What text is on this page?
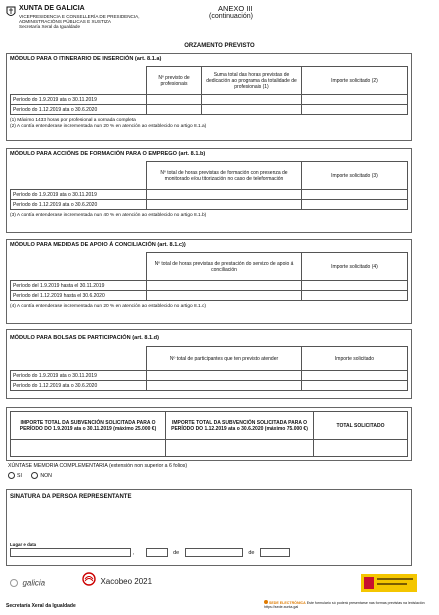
XUNTA DE GALICIA
VICEPRESIDENCIA E CONSELLERÍA DE PRESIDENCIA,
ADMINISTRACIÓNS PÚBLICAS E XUSTIZA
Secretaría Xeral da Igualdade
ANEXO III
(continuación)
ORZAMENTO PREVISTO
MÓDULO PARA O ITINERARIO DE INSERCIÓN (art. 8.1.a)
	Nº previsto de profesionais	Suma total das horas previstas de dedicación ao programa da totalidade de profesionais (1)	Importe solicitado (2)
Período do 1.9.2019 ata o 30.11.2019			
Período do 1.12.2019 ata o 30.6.2020			
(1) Máximo 1433 horas por profesional a xornada completa
(2) A contía entenderase incrementada nun 20 % en atención ao establecido no artigo 8.1.a)
MÓDULO PARA ACCIÓNS DE FORMACIÓN PARA O EMPREGO (art. 8.1.b)
	Nº total de horas previstas de formación con presenza de monitorado e/ou titorización no caso de teleformación	Importe solicitado (3)
Período do 1.9.2019 ata o 30.11.2019		
Período do 1.12.2019 ata o 30.6.2020		
(3) A contía entenderase incrementada nun 40 % en atención ao establecido no artigo 8.1.b)
MÓDULO PARA MEDIDAS DE APOIO Á CONCILIACIÓN (art. 8.1.c))
	Nº total de horas previstas de prestación do servizo de apoio á conciliación	Importe solicitado (4)
Período del 1.9.2019 hasta el 30.11.2019		
Período del 1.12.2019 hasta el 30.6.2020		
(4) A contía entenderase incrementada nun 20 % en atención ao establecido no artigo 8.1.c)
MÓDULO PARA BOLSAS DE PARTICIPACIÓN (art. 8.1.d)
	Nº total de participantes que ten previsto atender	Importe solicitado
Período do 1.9.2019 ata o 30.11.2019		
Período do 1.12.2019 ata o 30.6.2020		
IMPORTE TOTAL DA SUBVENCIÓN SOLICITADA PARA O PERÍODO DO 1.9.2019 ata o 30.11.2019 (máximo 25.000 €)	IMPORTE TOTAL DA SUBVENCIÓN SOLICITADA PARA O PERÍODO DO 1.12.2019 ata o 30.6.2020 (máximo 75.000 €)	TOTAL SOLICITADO

XÚNTASE MEMORIA COMPLEMENTARIA (extensión non superior a 6 folios)
SI	NON
SINATURA DA PERSOA REPRESENTANTE
Lugar e data
,	de	de
galicia	Xacobeo 2021
Secretaría Xeral da Igualdade	SEDE ELECTRÓNICA Este formulario só poderá presentarse nas formas previstas na lexislación
https://sede.xunta.gal
